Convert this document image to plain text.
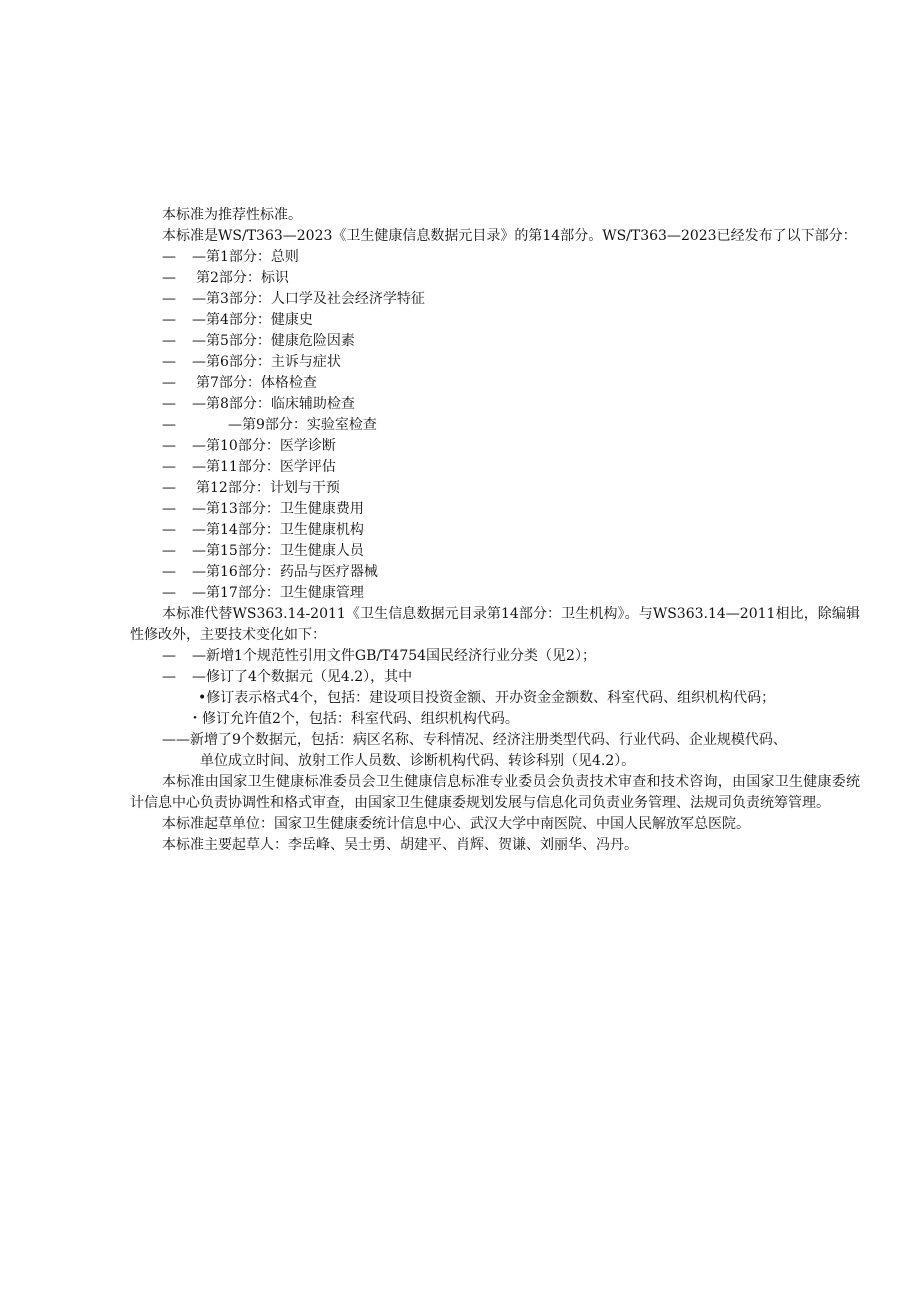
本标准为推荐性标准。

本标准是WS/T363—2023《卫生健康信息数据元目录》的第14部分。WS/T363—2023已经发布了以下部分：

— —第1部分：总则
— 第2部分：标识
— —第3部分：人口学及社会经济学特征
— —第4部分：健康史
— —第5部分：健康危险因素
— —第6部分：主诉与症状
— 第7部分：体格检查
— —第8部分：临床辅助检查
—	—第9部分：实验室检查
— —第10部分：医学诊断
— —第11部分：医学评估
— 第12部分：计划与干预
— —第13部分：卫生健康费用
— —第14部分：卫生健康机构
— —第15部分：卫生健康人员
— —第16部分：药品与医疗器械
— —第17部分：卫生健康管理

本标准代替WS363.14-2011《卫生信息数据元目录第14部分：卫生机构》。与WS363.14—2011相比，除编辑性修改外，主要技术变化如下：

— —新增1个规范性引用文件GB/T4754国民经济行业分类（见2）；
— —修订了4个数据元（见4.2），其中
•修订表示格式4个，包括：建设项目投资金额、开办资金金额数、科室代码、组织机构代码；
・修订允许值2个，包括：科室代码、组织机构代码。
——新增了9个数据元，包括：病区名称、专科情况、经济注册类型代码、行业代码、企业规模代码、
单位成立时间、放射工作人员数、诊断机构代码、转诊科别（见4.2）。

本标准由国家卫生健康标准委员会卫生健康信息标准专业委员会负责技术审查和技术咨询，由国家卫生健康委统计信息中心负责协调性和格式审查，由国家卫生健康委规划发展与信息化司负责业务管理、法规司负责统筹管理。

本标准起草单位：国家卫生健康委统计信息中心、武汉大学中南医院、中国人民解放军总医院。

本标准主要起草人：李岳峰、吴士勇、胡建平、肖辉、贺谦、刘丽华、冯丹。
